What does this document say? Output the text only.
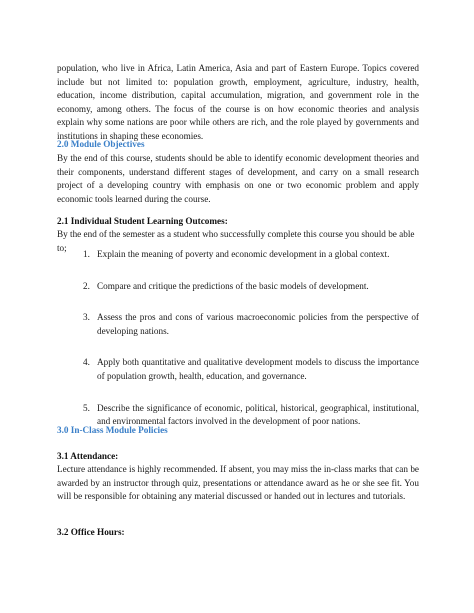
population, who live in Africa, Latin America, Asia and part of Eastern Europe. Topics covered include but not limited to: population growth, employment, agriculture, industry, health, education, income distribution, capital accumulation, migration, and government role in the economy, among others. The focus of the course is on how economic theories and analysis explain why some nations are poor while others are rich, and the role played by governments and institutions in shaping these economies.

2.0 Module Objectives

By the end of this course, students should be able to identify economic development theories and their components, understand different stages of development, and carry on a small research project of a developing country with emphasis on one or two economic problem and apply economic tools learned during the course.

2.1 Individual Student Learning Outcomes:

By the end of the semester as a student who successfully complete this course you should be able to;

1. Explain the meaning of poverty and economic development in a global context.
2. Compare and critique the predictions of the basic models of development.
3. Assess the pros and cons of various macroeconomic policies from the perspective of developing nations.
4. Apply both quantitative and qualitative development models to discuss the importance of population growth, health, education, and governance.
5. Describe the significance of economic, political, historical, geographical, institutional, and environmental factors involved in the development of poor nations.
3.0 In-Class Module Policies
3.1 Attendance:

Lecture attendance is highly recommended. If absent, you may miss the in-class marks that can be awarded by an instructor through quiz, presentations or attendance award as he or she see fit. You will be responsible for obtaining any material discussed or handed out in lectures and tutorials.

3.2 Office Hours:
